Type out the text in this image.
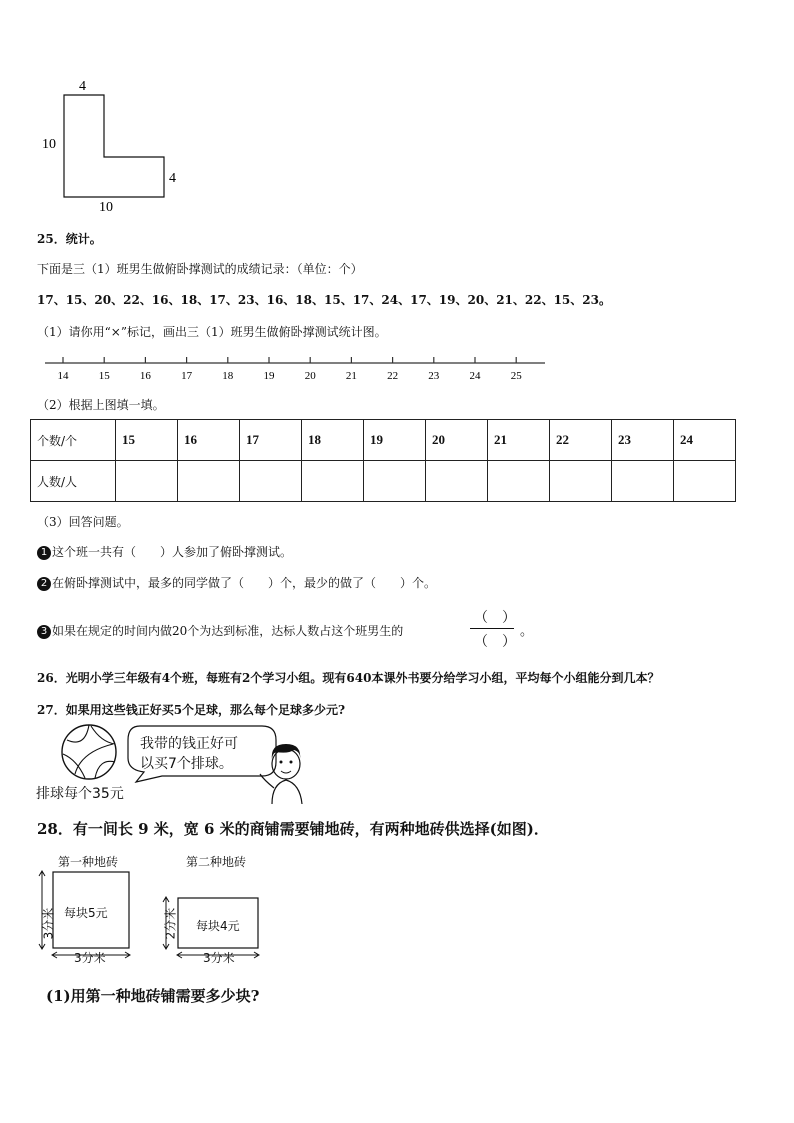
4
10
4
10
25．统计。
下面是三（1）班男生做俯卧撑测试的成绩记录：（单位：个）
17、15、20、22、16、18、17、23、16、18、15、17、24、17、19、20、21、22、15、23。
（1）请你用“×”标记，画出三（1）班男生做俯卧撑测试统计图。
14	15	16	17	18	19	20	21	22	23	24	25
（2）根据上图填一填。
个数/个	15	16	17	18	19	20	21	22	23	24
人数/人										
（3）回答问题。
1 这个班一共有（　　）人参加了俯卧撑测试。
2 在俯卧撑测试中，最多的同学做了（　　）个，最少的做了（　　）个。
3 如果在规定的时间内做20个为达到标准，达标人数占这个班男生的
（　）
（　）
。
26．光明小学三年级有4个班，每班有2个学习小组。现有640本课外书要分给学习小组，平均每个小组能分到几本？
27．如果用这些钱正好买5个足球，那么每个足球多少元?
排球每个35元
我带的钱正好可
以买7个排球。
28．有一间长 9 米，宽 6 米的商铺需要铺地砖，有两种地砖供选择(如图)．
第一种地砖	第二种地砖
每块5元
每块4元
3分米	2分米
3分米	3分米
(1)用第一种地砖铺需要多少块?
